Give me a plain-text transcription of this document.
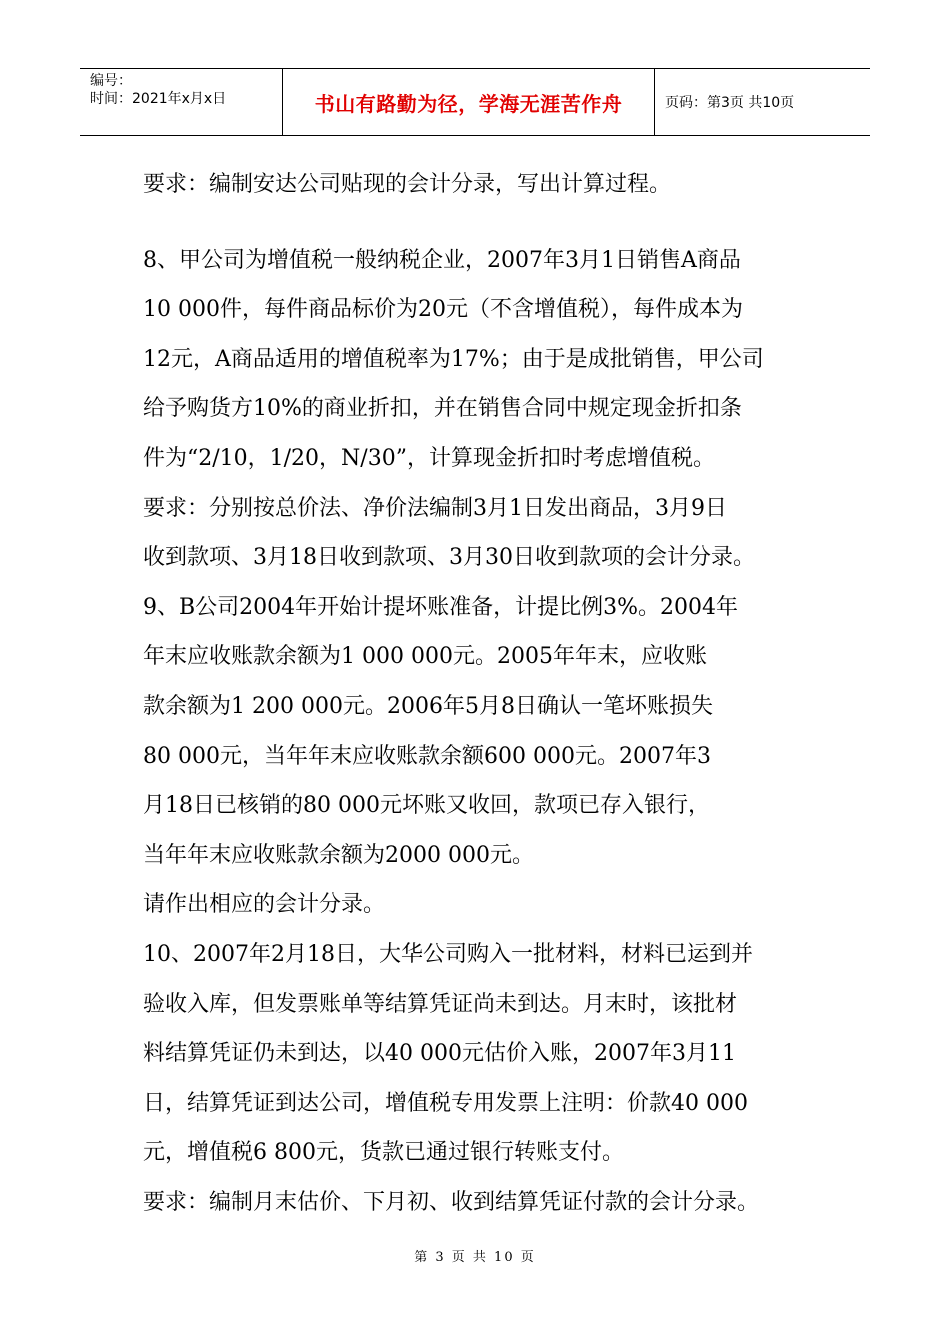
编号：
时间：2021年x月x日	书山有路勤为径，学海无涯苦作舟	页码：第3页 共10页

要求：编制安达公司贴现的会计分录，写出计算过程。

8、甲公司为增值税一般纳税企业，2007年3月1日销售A商品

10 000件，每件商品标价为20元（不含增值税），每件成本为

12元，A商品适用的增值税率为17%；由于是成批销售，甲公司

给予购货方10%的商业折扣，并在销售合同中规定现金折扣条

件为“2/10，1/20，N/30”，计算现金折扣时考虑增值税。

要求：分别按总价法、净价法编制3月1日发出商品，3月9日

收到款项、3月18日收到款项、3月30日收到款项的会计分录。

9、B公司2004年开始计提坏账准备，计提比例3%。2004年

年末应收账款余额为1 000 000元。2005年年末，应收账

款余额为1 200 000元。2006年5月8日确认一笔坏账损失

80 000元，当年年末应收账款余额600 000元。2007年3

月18日已核销的80 000元坏账又收回，款项已存入银行，

当年年末应收账款余额为2000 000元。

请作出相应的会计分录。

10、2007年2月18日，大华公司购入一批材料，材料已运到并

验收入库，但发票账单等结算凭证尚未到达。月末时，该批材

料结算凭证仍未到达，以40 000元估价入账，2007年3月11

日，结算凭证到达公司，增值税专用发票上注明：价款40 000

元，增值税6 800元，货款已通过银行转账支付。

要求：编制月末估价、下月初、收到结算凭证付款的会计分录。

第 3 页 共 10 页
